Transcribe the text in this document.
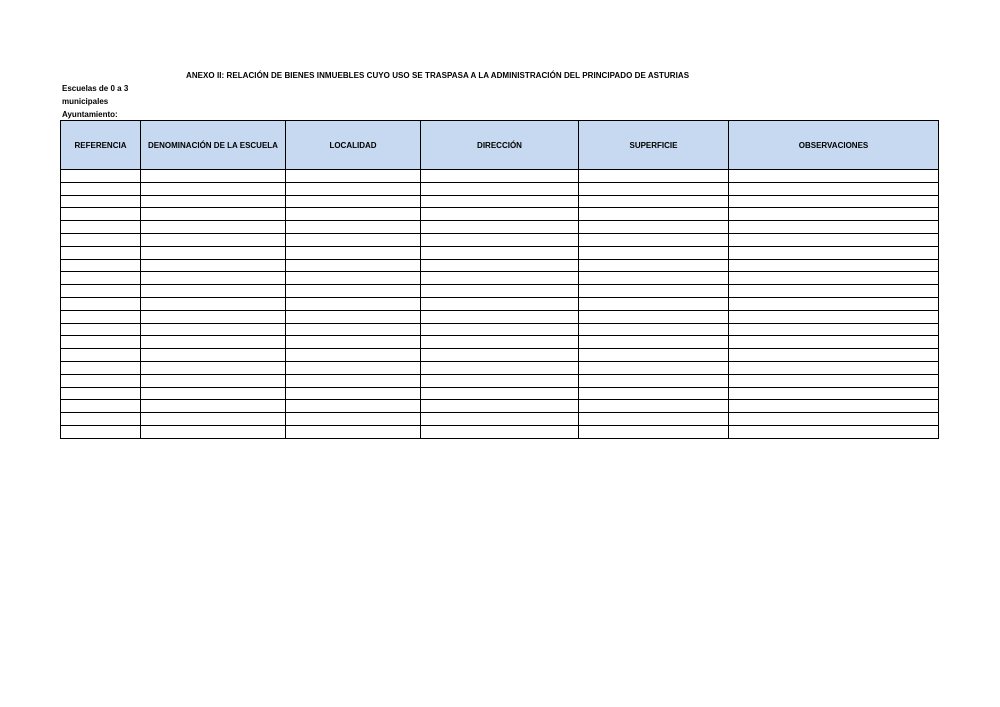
ANEXO II: RELACIÓN DE BIENES INMUEBLES CUYO USO SE TRASPASA A LA ADMINISTRACIÓN DEL PRINCIPADO DE ASTURIAS
Escuelas de 0 a 3
municipales
Ayuntamiento:
REFERENCIA	DENOMINACIÓN DE LA ESCUELA	LOCALIDAD	DIRECCIÓN	SUPERFICIE	OBSERVACIONES
